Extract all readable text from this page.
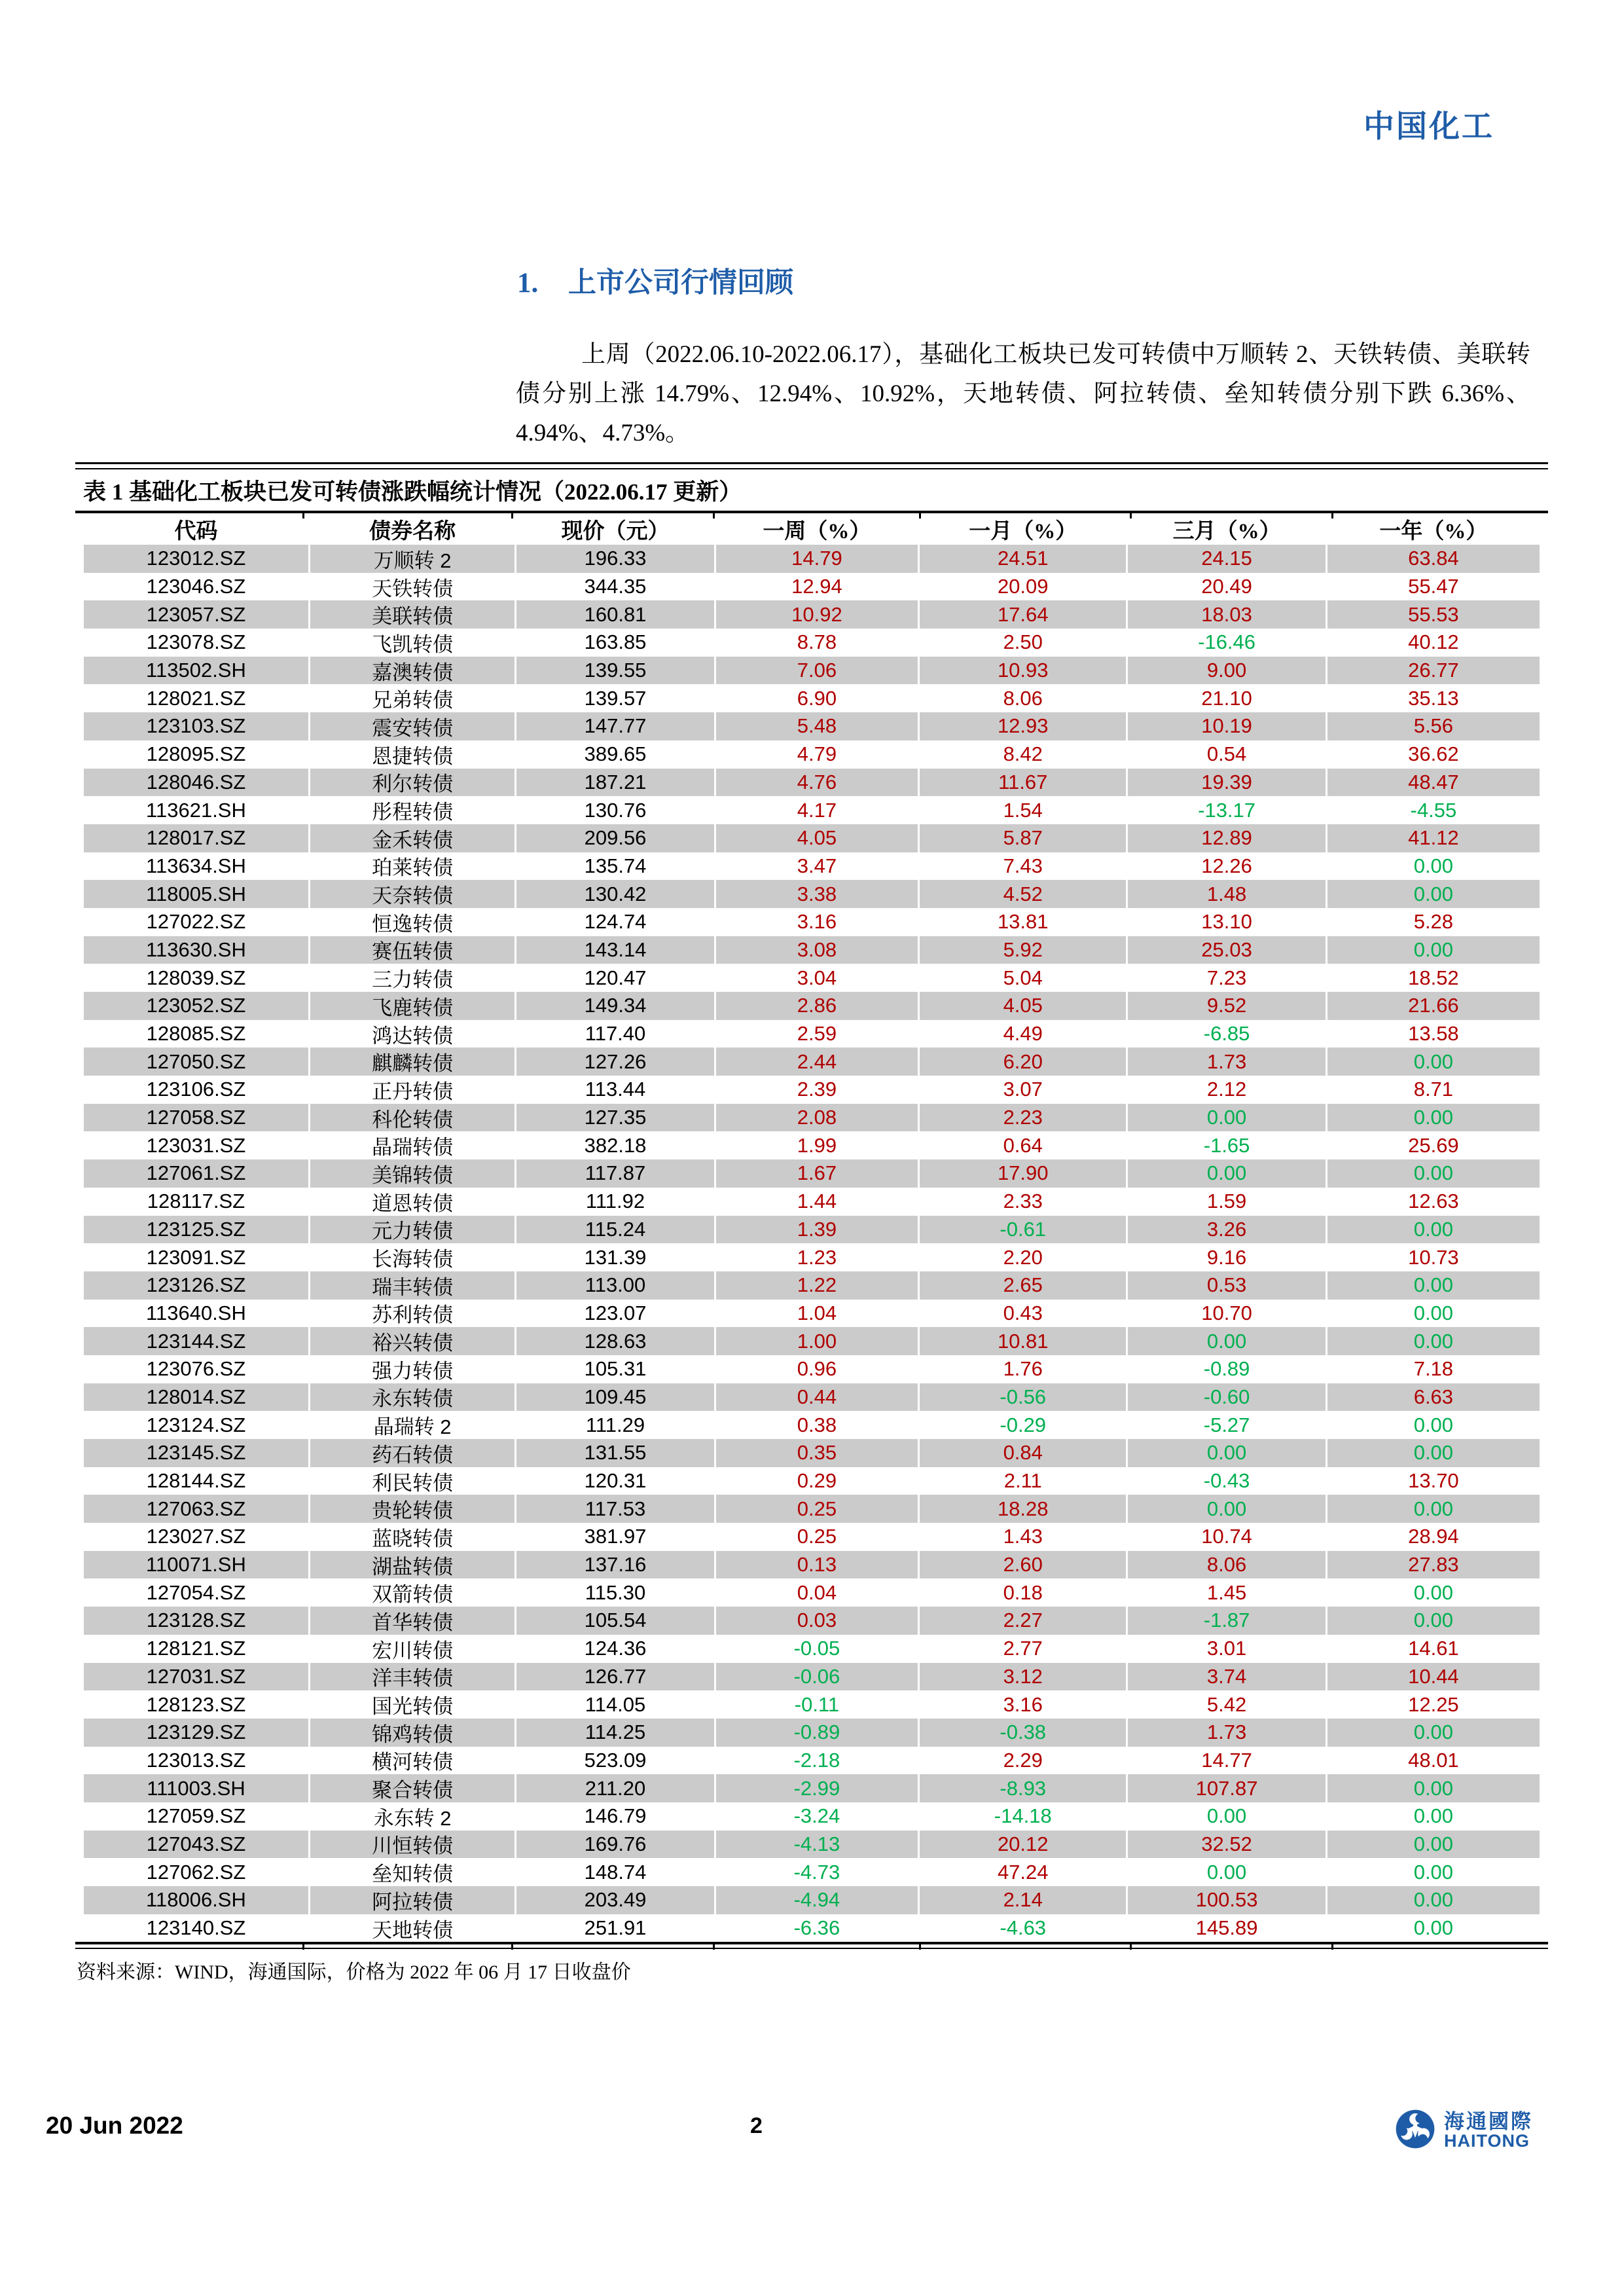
中国化工
1.	上市公司行情回顾
上周（2022.06.10-2022.06.17），基础化工板块已发可转债中万顺转 2、天铁转债、美联转债分别上涨 14.79%、12.94%、10.92%，天地转债、阿拉转债、垒知转债分别下跌 6.36%、4.94%、4.73%。
表 1 基础化工板块已发可转债涨跌幅统计情况（2022.06.17 更新）
代码	债券名称	现价（元）	一周（%）	一月（%）	三月（%）	一年（%）
123012.SZ	万顺转 2	196.33	14.79	24.51	24.15	63.84
123046.SZ	天铁转债	344.35	12.94	20.09	20.49	55.47
123057.SZ	美联转债	160.81	10.92	17.64	18.03	55.53
123078.SZ	飞凯转债	163.85	8.78	2.50	-16.46	40.12
113502.SH	嘉澳转债	139.55	7.06	10.93	9.00	26.77
128021.SZ	兄弟转债	139.57	6.90	8.06	21.10	35.13
123103.SZ	震安转债	147.77	5.48	12.93	10.19	5.56
128095.SZ	恩捷转债	389.65	4.79	8.42	0.54	36.62
128046.SZ	利尔转债	187.21	4.76	11.67	19.39	48.47
113621.SH	彤程转债	130.76	4.17	1.54	-13.17	-4.55
128017.SZ	金禾转债	209.56	4.05	5.87	12.89	41.12
113634.SH	珀莱转债	135.74	3.47	7.43	12.26	0.00
118005.SH	天奈转债	130.42	3.38	4.52	1.48	0.00
127022.SZ	恒逸转债	124.74	3.16	13.81	13.10	5.28
113630.SH	赛伍转债	143.14	3.08	5.92	25.03	0.00
128039.SZ	三力转债	120.47	3.04	5.04	7.23	18.52
123052.SZ	飞鹿转债	149.34	2.86	4.05	9.52	21.66
128085.SZ	鸿达转债	117.40	2.59	4.49	-6.85	13.58
127050.SZ	麒麟转债	127.26	2.44	6.20	1.73	0.00
123106.SZ	正丹转债	113.44	2.39	3.07	2.12	8.71
127058.SZ	科伦转债	127.35	2.08	2.23	0.00	0.00
123031.SZ	晶瑞转债	382.18	1.99	0.64	-1.65	25.69
127061.SZ	美锦转债	117.87	1.67	17.90	0.00	0.00
128117.SZ	道恩转债	111.92	1.44	2.33	1.59	12.63
123125.SZ	元力转债	115.24	1.39	-0.61	3.26	0.00
123091.SZ	长海转债	131.39	1.23	2.20	9.16	10.73
123126.SZ	瑞丰转债	113.00	1.22	2.65	0.53	0.00
113640.SH	苏利转债	123.07	1.04	0.43	10.70	0.00
123144.SZ	裕兴转债	128.63	1.00	10.81	0.00	0.00
123076.SZ	强力转债	105.31	0.96	1.76	-0.89	7.18
128014.SZ	永东转债	109.45	0.44	-0.56	-0.60	6.63
123124.SZ	晶瑞转 2	111.29	0.38	-0.29	-5.27	0.00
123145.SZ	药石转债	131.55	0.35	0.84	0.00	0.00
128144.SZ	利民转债	120.31	0.29	2.11	-0.43	13.70
127063.SZ	贵轮转债	117.53	0.25	18.28	0.00	0.00
123027.SZ	蓝晓转债	381.97	0.25	1.43	10.74	28.94
110071.SH	湖盐转债	137.16	0.13	2.60	8.06	27.83
127054.SZ	双箭转债	115.30	0.04	0.18	1.45	0.00
123128.SZ	首华转债	105.54	0.03	2.27	-1.87	0.00
128121.SZ	宏川转债	124.36	-0.05	2.77	3.01	14.61
127031.SZ	洋丰转债	126.77	-0.06	3.12	3.74	10.44
128123.SZ	国光转债	114.05	-0.11	3.16	5.42	12.25
123129.SZ	锦鸡转债	114.25	-0.89	-0.38	1.73	0.00
123013.SZ	横河转债	523.09	-2.18	2.29	14.77	48.01
111003.SH	聚合转债	211.20	-2.99	-8.93	107.87	0.00
127059.SZ	永东转 2	146.79	-3.24	-14.18	0.00	0.00
127043.SZ	川恒转债	169.76	-4.13	20.12	32.52	0.00
127062.SZ	垒知转债	148.74	-4.73	47.24	0.00	0.00
118006.SH	阿拉转债	203.49	-4.94	2.14	100.53	0.00
123140.SZ	天地转债	251.91	-6.36	-4.63	145.89	0.00
资料来源：WIND，海通国际，价格为 2022 年 06 月 17 日收盘价
20 Jun 2022	2	海通國際
HAITONG
